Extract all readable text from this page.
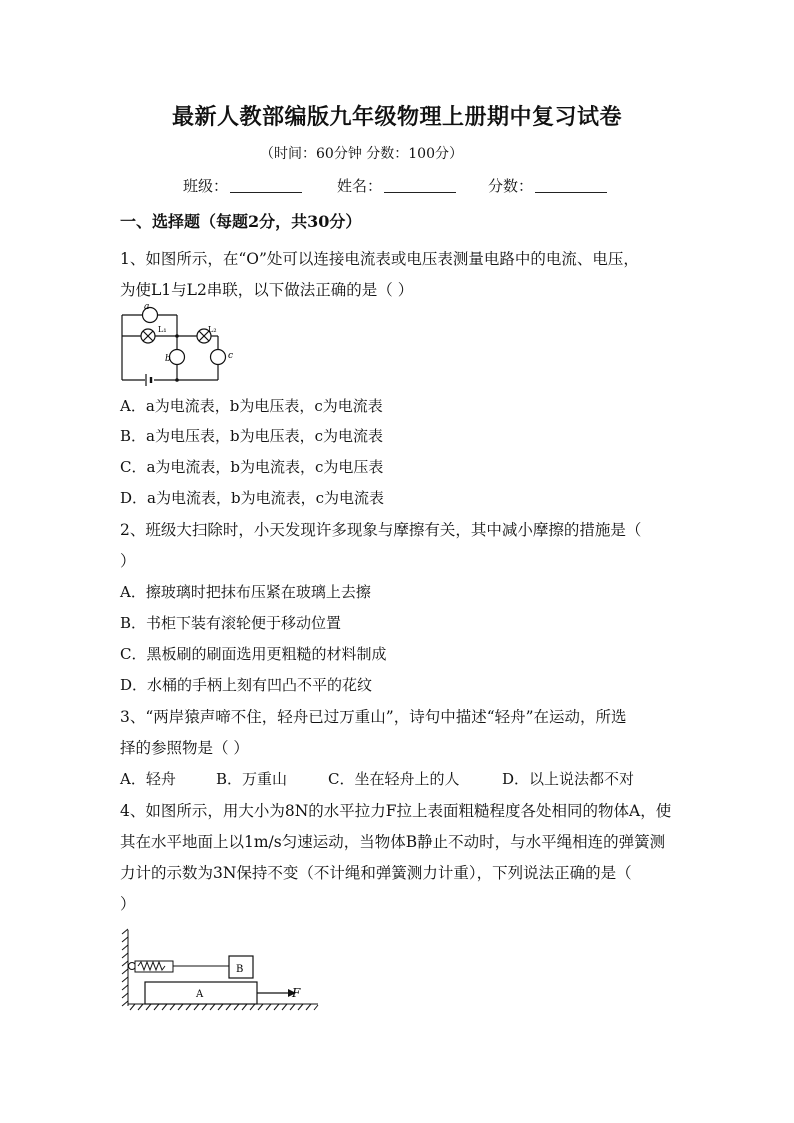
最新人教部编版九年级物理上册期中复习试卷
（时间：60分钟 分数：100分）
班级：	姓名：	分数：
一、选择题（每题2分，共30分）
1、如图所示，在“O”处可以连接电流表或电压表测量电路中的电流、电压，
为使L1与L2串联，以下做法正确的是（ ）
a
L₁	L₂
b	c
A．a为电流表，b为电压表，c为电流表
B．a为电压表，b为电压表，c为电流表
C．a为电流表，b为电流表，c为电压表
D．a为电流表，b为电流表，c为电流表
2、班级大扫除时，小天发现许多现象与摩擦有关，其中减小摩擦的措施是（
）
A．擦玻璃时把抹布压紧在玻璃上去擦
B．书柜下装有滚轮便于移动位置
C．黑板刷的刷面选用更粗糙的材料制成
D．水桶的手柄上刻有凹凸不平的花纹
3、“两岸猿声啼不住，轻舟已过万重山”，诗句中描述“轻舟”在运动，所选
择的参照物是（ ）
A．轻舟	B．万重山	C．坐在轻舟上的人	D．以上说法都不对
4、如图所示，用大小为8N的水平拉力F拉上表面粗糙程度各处相同的物体A，使
其在水平地面上以1m/s匀速运动，当物体B静止不动时，与水平绳相连的弹簧测
力计的示数为3N保持不变（不计绳和弹簧测力计重），下列说法正确的是（
）
B
A	F
